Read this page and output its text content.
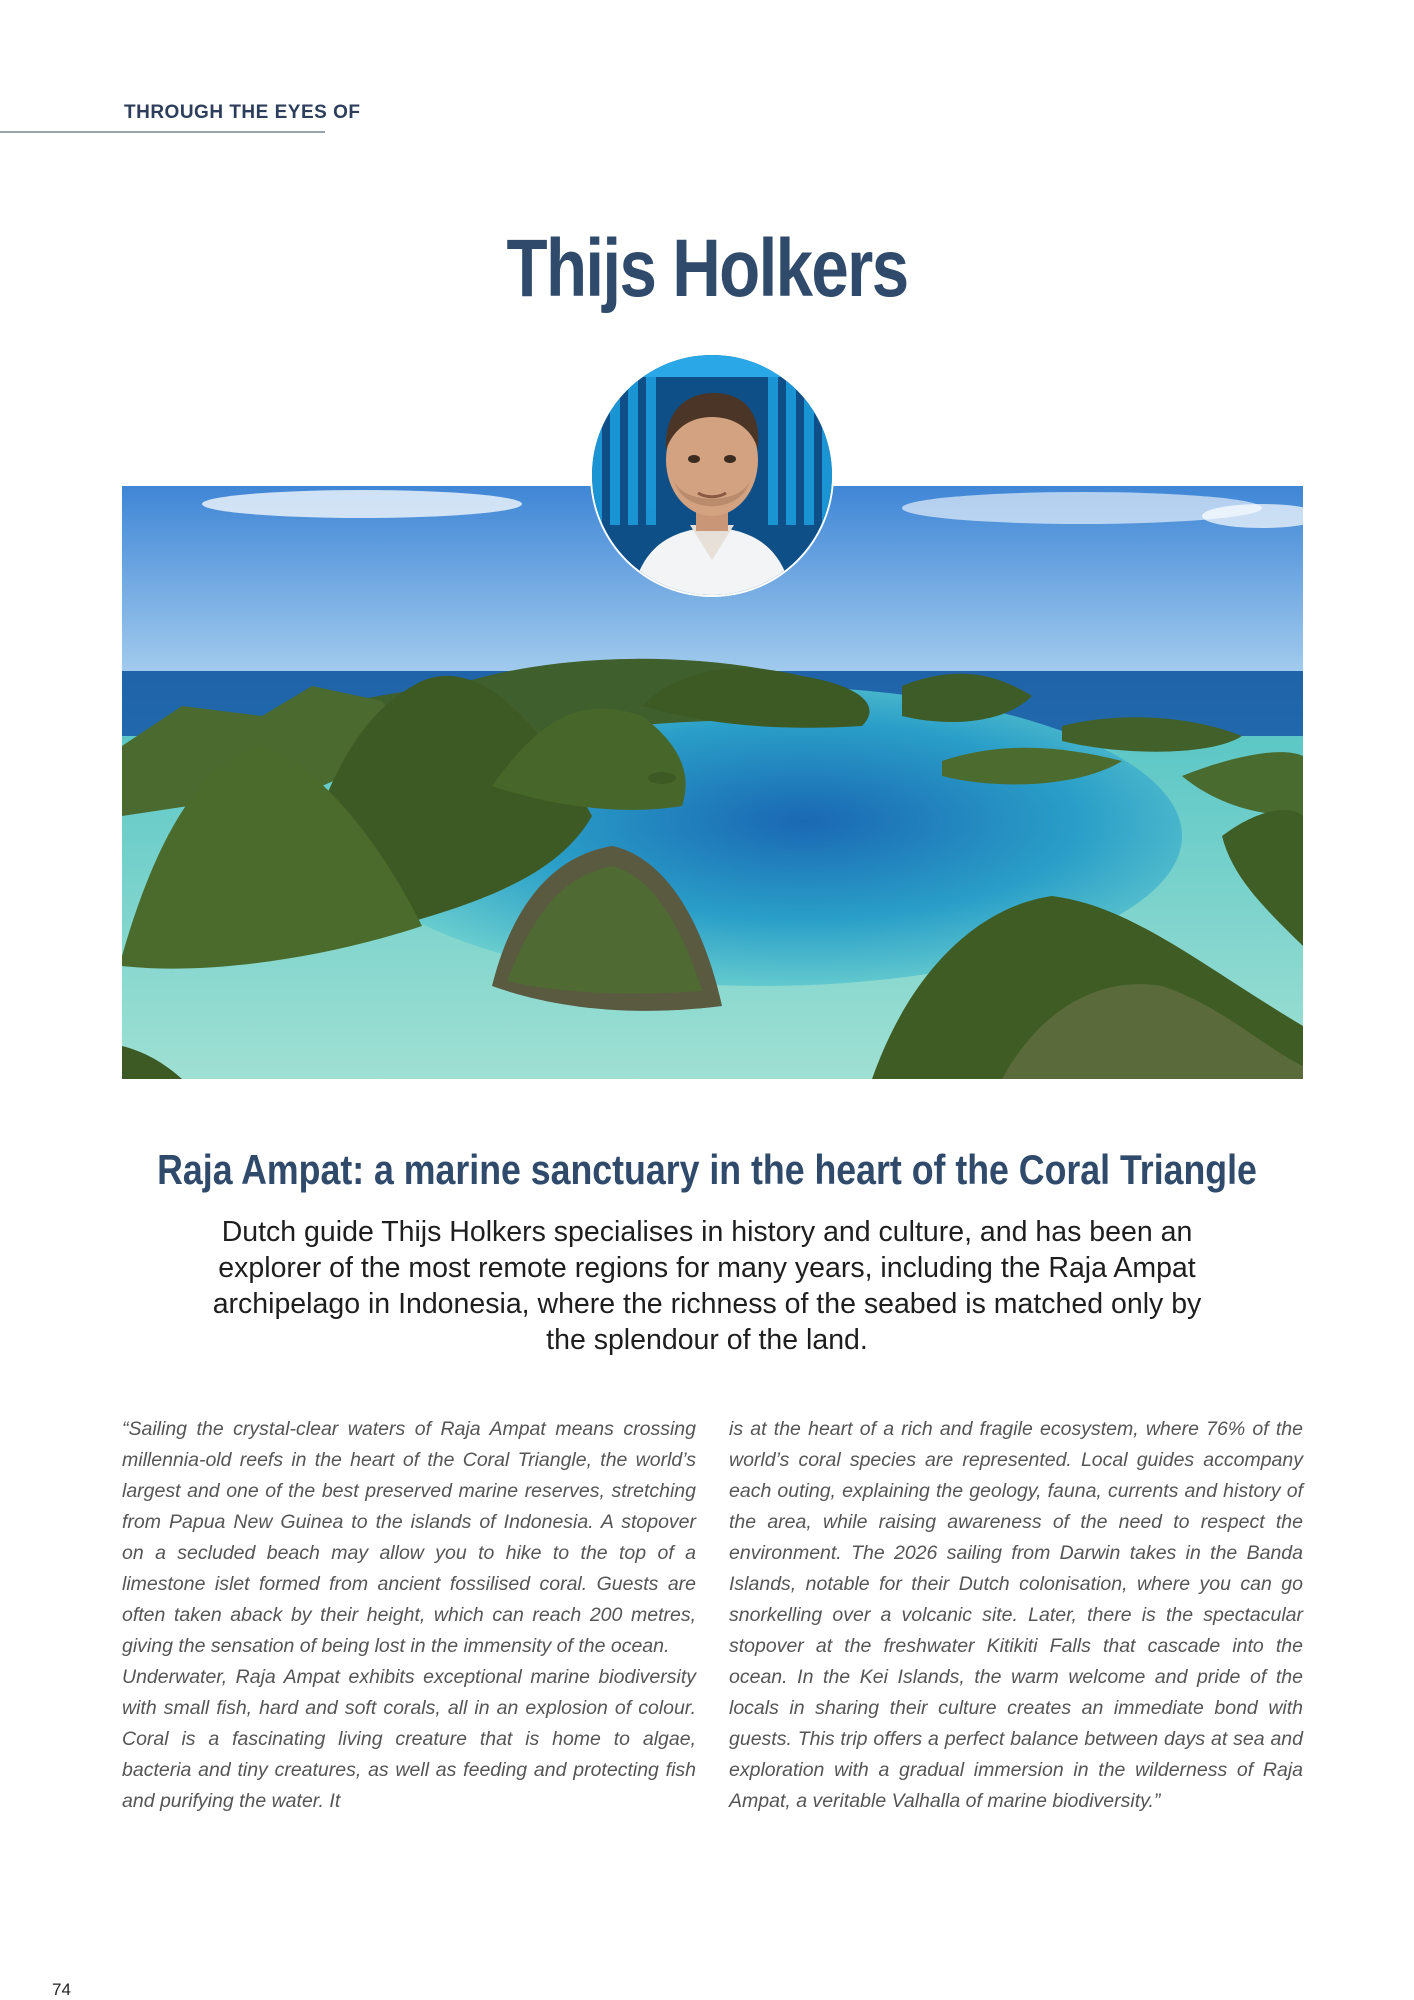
THROUGH THE EYES OF
Thijs Holkers
Raja Ampat: a marine sanctuary in the heart of the Coral Triangle

Dutch guide Thijs Holkers specialises in history and culture, and has been an explorer of the most remote regions for many years, including the Raja Ampat archipelago in Indonesia, where the richness of the seabed is matched only by the splendour of the land.

“Sailing the crystal-clear waters of Raja Ampat means crossing millennia-old reefs in the heart of the Coral Triangle, the world’s largest and one of the best preserved marine reserves, stretching from Papua New Guinea to the islands of Indonesia. A stopover on a secluded beach may allow you to hike to the top of a limestone islet formed from ancient fossilised coral. Guests are often taken aback by their height, which can reach 200 metres, giving the sensation of being lost in the immensity of the ocean.

Underwater, Raja Ampat exhibits exceptional marine biodiversity with small fish, hard and soft corals, all in an explosion of colour. Coral is a fascinating living creature that is home to algae, bacteria and tiny creatures, as well as feeding and protecting fish and purifying the water. It

is at the heart of a rich and fragile ecosystem, where 76% of the world’s coral species are represented. Local guides accompany each outing, explaining the geology, fauna, currents and history of the area, while raising awareness of the need to respect the environment. The 2026 sailing from Darwin takes in the Banda Islands, notable for their Dutch colonisation, where you can go snorkelling over a volcanic site. Later, there is the spectacular stopover at the freshwater Kitikiti Falls that cascade into the ocean. In the Kei Islands, the warm welcome and pride of the locals in sharing their culture creates an immediate bond with guests. This trip offers a perfect balance between days at sea and exploration with a gradual immersion in the wilderness of Raja Ampat, a veritable Valhalla of marine biodiversity.”

74
